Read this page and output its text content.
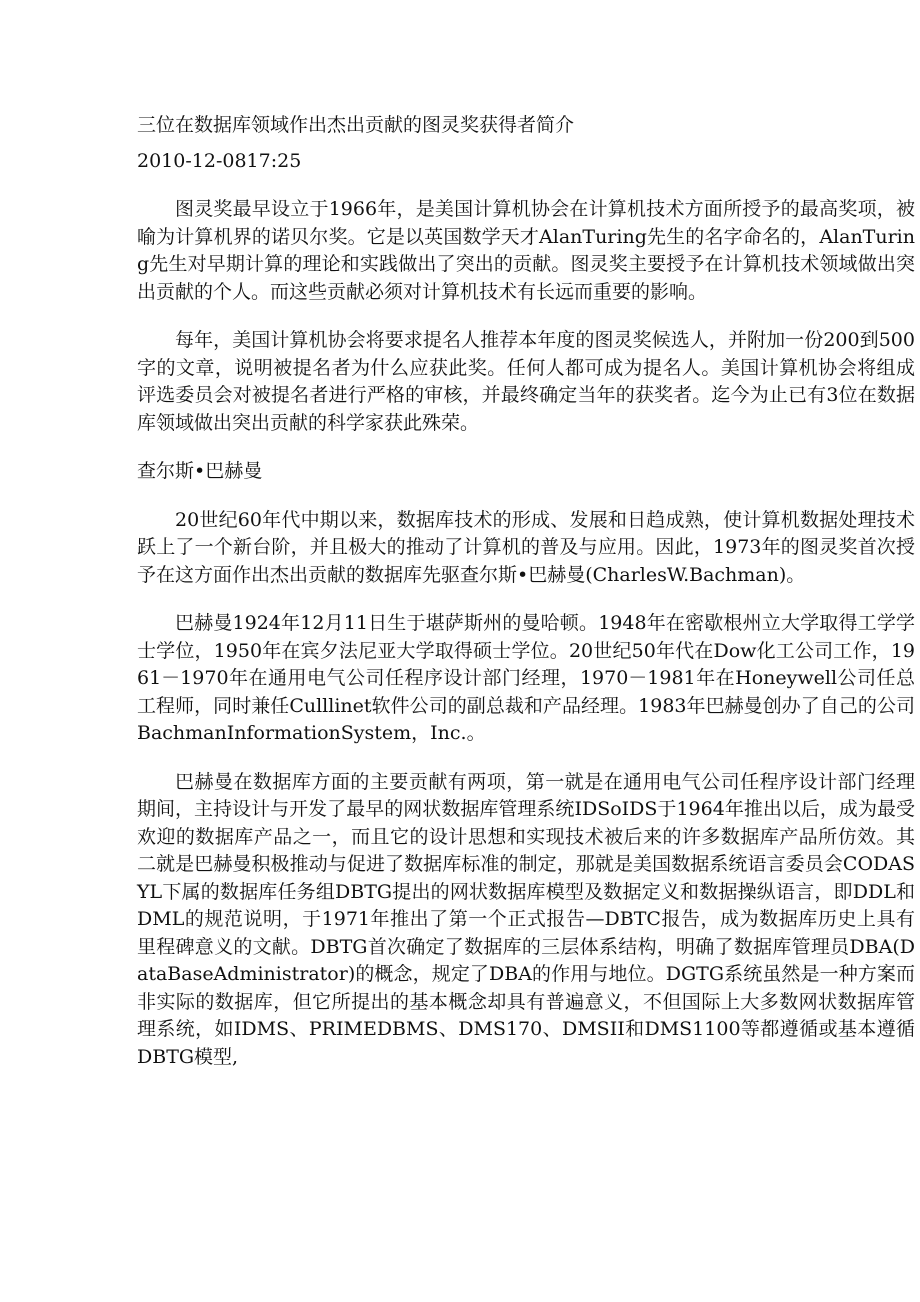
三位在数据库领域作出杰出贡献的图灵奖获得者简介

2010-12-0817:25

图灵奖最早设立于1966年，是美国计算机协会在计算机技术方面所授予的最高奖项，被喻为计算机界的诺贝尔奖。它是以英国数学天才AlanTuring先生的名字命名的，AlanTuring先生对早期计算的理论和实践做出了突出的贡献。图灵奖主要授予在计算机技术领域做出突出贡献的个人。而这些贡献必须对计算机技术有长远而重要的影响。

每年，美国计算机协会将要求提名人推荐本年度的图灵奖候选人，并附加一份200到500字的文章，说明被提名者为什么应获此奖。任何人都可成为提名人。美国计算机协会将组成评选委员会对被提名者进行严格的审核，并最终确定当年的获奖者。迄今为止已有3位在数据库领域做出突出贡献的科学家获此殊荣。

查尔斯•巴赫曼

20世纪60年代中期以来，数据库技术的形成、发展和日趋成熟，使计算机数据处理技术跃上了一个新台阶，并且极大的推动了计算机的普及与应用。因此，1973年的图灵奖首次授予在这方面作出杰出贡献的数据库先驱查尔斯•巴赫曼(CharlesW.Bachman)。

巴赫曼1924年12月11日生于堪萨斯州的曼哈顿。1948年在密歇根州立大学取得工学学士学位，1950年在宾夕法尼亚大学取得硕士学位。20世纪50年代在Dow化工公司工作，1961－1970年在通用电气公司任程序设计部门经理，1970－1981年在Honeywell公司任总工程师，同时兼任Culllinet软件公司的副总裁和产品经理。1983年巴赫曼创办了自己的公司BachmanInformationSystem，Inc.。

巴赫曼在数据库方面的主要贡献有两项，第一就是在通用电气公司任程序设计部门经理期间，主持设计与开发了最早的网状数据库管理系统IDSoIDS于1964年推出以后，成为最受欢迎的数据库产品之一，而且它的设计思想和实现技术被后来的许多数据库产品所仿效。其二就是巴赫曼积极推动与促进了数据库标准的制定，那就是美国数据系统语言委员会CODASYL下属的数据库任务组DBTG提出的网状数据库模型及数据定义和数据操纵语言，即DDL和DML的规范说明，于1971年推出了第一个正式报告—DBTC报告，成为数据库历史上具有里程碑意义的文献。DBTG首次确定了数据库的三层体系结构，明确了数据库管理员DBA(DataBaseAdministrator)的概念，规定了DBA的作用与地位。DGTG系统虽然是一种方案而非实际的数据库，但它所提出的基本概念却具有普遍意义，不但国际上大多数网状数据库管理系统，如IDMS、PRIMEDBMS、DMS170、DMSII和DMS1100等都遵循或基本遵循DBTG模型,
